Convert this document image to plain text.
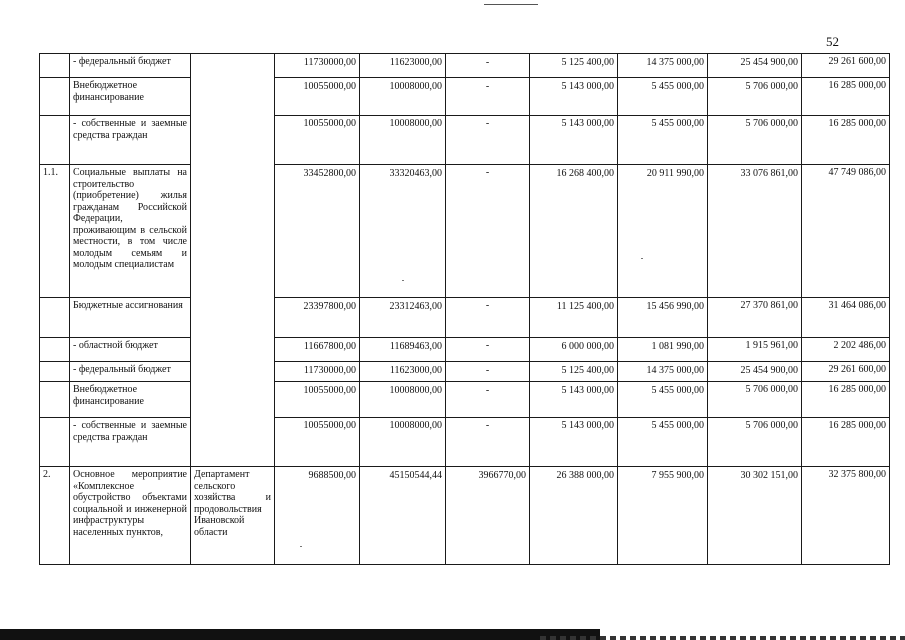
52
	- федеральный бюджет		11730000,00	11623000,00	-	5 125 400,00	14 375 000,00	25 454 900,00	29 261 600,00
	Внебюджетное финансирование		10055000,00	10008000,00	-	5 143 000,00	5 455 000,00	5 706 000,00	16 285 000,00
	- собственные и заемные средства граждан		10055000,00	10008000,00	-	5 143 000,00	5 455 000,00	5 706 000,00	16 285 000,00
1.1.	Социальные выплаты на строительство (приобретение) жилья гражданам Российской Федерации, проживающим в сельской местности, в том числе молодым семьям и молодым специалистам		33452800,00	33320463,00	-	16 268 400,00	20 911 990,00	33 076 861,00	47 749 086,00
	Бюджетные ассигнования		23397800,00	23312463,00	-	11 125 400,00	15 456 990,00	27 370 861,00	31 464 086,00
	- областной бюджет		11667800,00	11689463,00	-	6 000 000,00	1 081 990,00	1 915 961,00	2 202 486,00
	- федеральный бюджет		11730000,00	11623000,00	-	5 125 400,00	14 375 000,00	25 454 900,00	29 261 600,00
	Внебюджетное финансирование		10055000,00	10008000,00	-	5 143 000,00	5 455 000,00	5 706 000,00	16 285 000,00
	- собственные и заемные средства граждан		10055000,00	10008000,00	-	5 143 000,00	5 455 000,00	5 706 000,00	16 285 000,00
2.	Основное мероприятие «Комплексное обустройство объектами социальной и инженерной инфраструктуры населенных пунктов,	Департамент сельского хозяйства и продовольствия Ивановской области	9688500,00	45150544,44	3966770,00	26 388 000,00	7 955 900,00	30 302 151,00	32 375 800,00
